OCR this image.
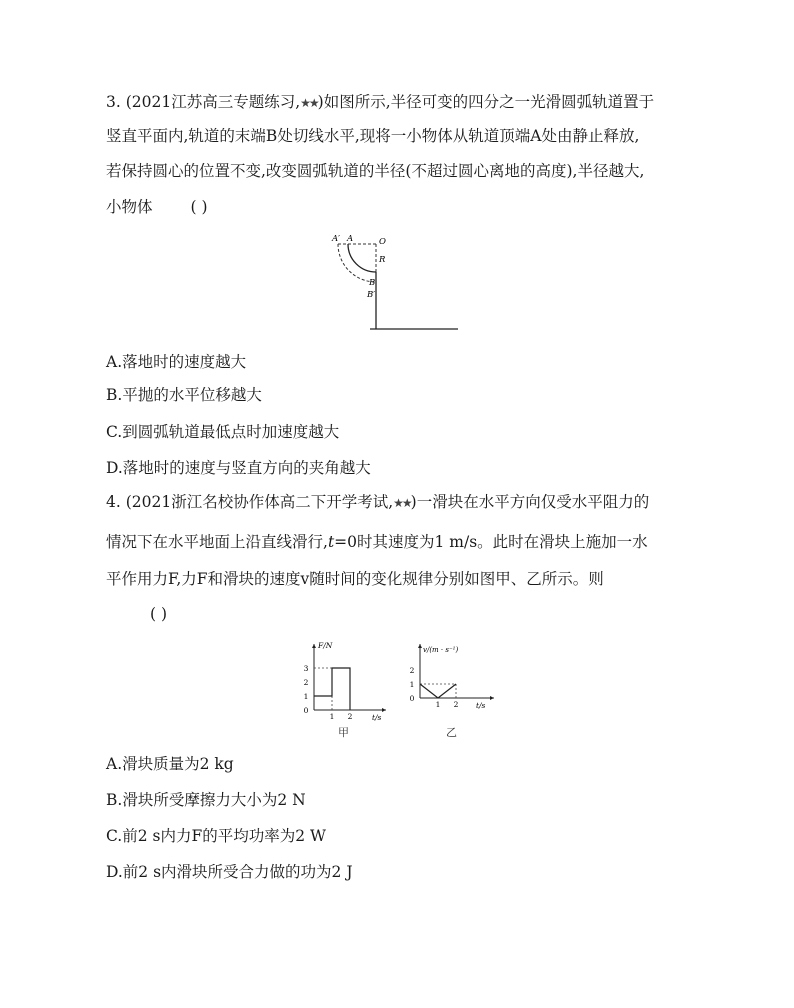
3. (2021江苏高三专题练习,★★)如图所示,半径可变的四分之一光滑圆弧轨道置于
竖直平面内,轨道的末端B处切线水平,现将一小物体从轨道顶端A处由静止释放,
若保持圆心的位置不变,改变圆弧轨道的半径(不超过圆心离地的高度),半径越大,
小物体 ( )
A′ A	O
R
B
B′
A.落地时的速度越大
B.平抛的水平位移越大
C.到圆弧轨道最低点时加速度越大
D.落地时的速度与竖直方向的夹角越大
4. (2021浙江名校协作体高二下开学考试,★★)一滑块在水平方向仅受水平阻力的
情况下在水平地面上沿直线滑行,t=0时其速度为1 m/s。此时在滑块上施加一水
平作用力F,力F和滑块的速度v随时间的变化规律分别如图甲、乙所示。则
( )
F/N
t/s
0
1
2
3
1 2
甲
v/(m · s⁻¹)
t/s
0
1
2
1 2
乙
A.滑块质量为2 kg
B.滑块所受摩擦力大小为2 N
C.前2 s内力F的平均功率为2 W
D.前2 s内滑块所受合力做的功为2 J
